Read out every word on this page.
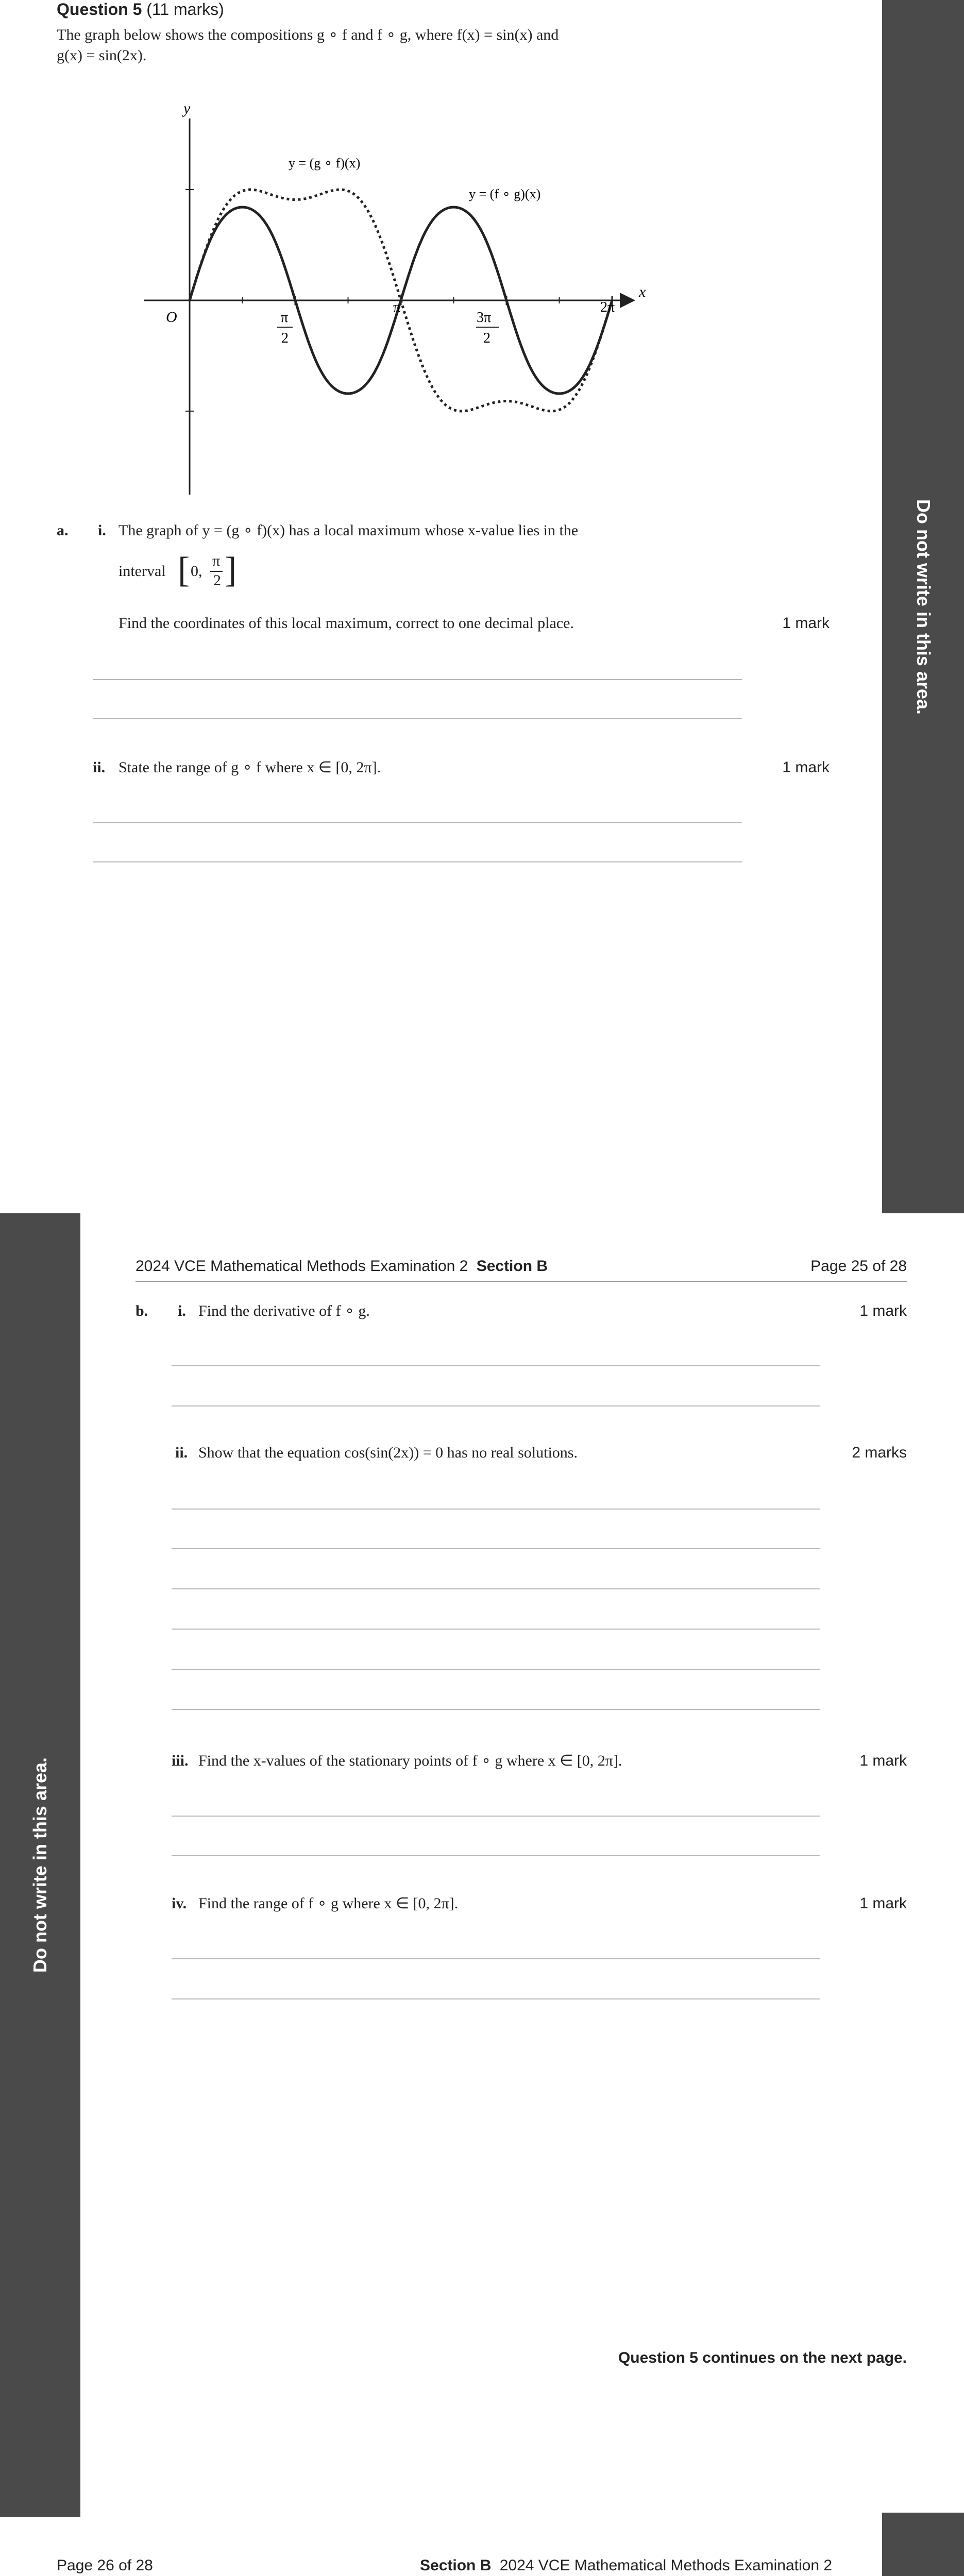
Question 5 (11 marks)
The graph below shows the compositions g ∘ f and f ∘ g, where f(x) = sin(x) and
g(x) = sin(2x).
y
x
O
y = (g ∘ f)(x)
y = (f ∘ g)(x)
π
2
π
3π
2
2π
a. i. The graph of y = (g ∘ f)(x) has a local maximum whose x-value lies in the
interval [ 0,
π
2 ]
Find the coordinates of this local maximum, correct to one decimal place.	1 mark
ii. State the range of g ∘ f where x ∈ [0, 2π].	1 mark
Do not write in this area.
Do not write in this area.
2024 VCE Mathematical Methods Examination 2 Section B	Page 25 of 28
b. i. Find the derivative of f ∘ g.	1 mark
ii. Show that the equation cos(sin(2x)) = 0 has no real solutions.	2 marks
iii. Find the x-values of the stationary points of f ∘ g where x ∈ [0, 2π].	1 mark
iv. Find the range of f ∘ g where x ∈ [0, 2π].	1 mark
Question 5 continues on the next page.
Page 26 of 28	Section B 2024 VCE Mathematical Methods Examination 2
